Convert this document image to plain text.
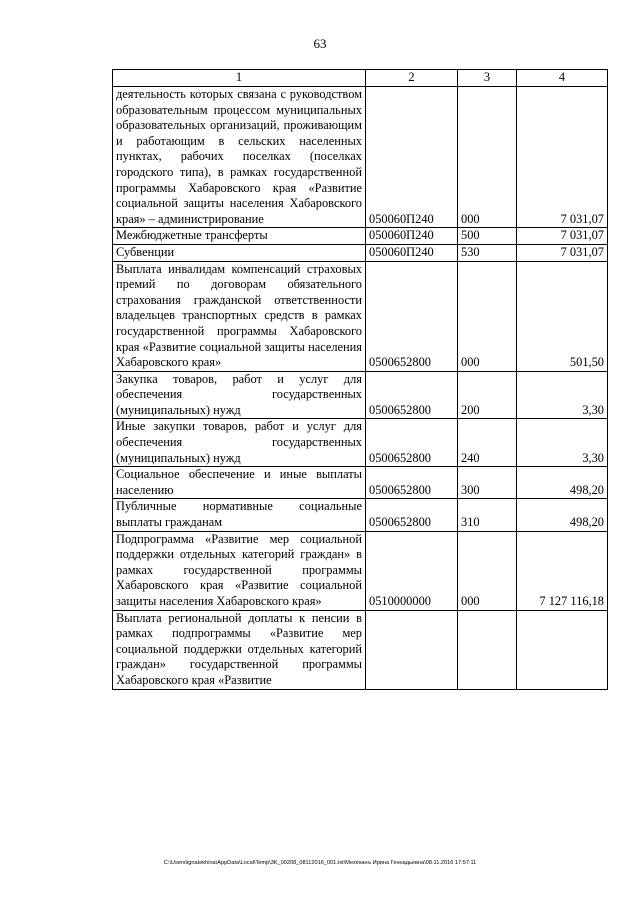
63
1	2	3	4
деятельность которых связана с руководством образовательным процессом муниципальных образовательных организаций, проживающим и работающим в сельских населенных пунктах, рабочих поселках (поселках городского типа), в рамках государственной программы Хабаровского края «Развитие социальной защиты населения Хабаровского края» – администрирование	050060П240	000	7 031,07
Межбюджетные трансферты	050060П240	500	7 031,07
Субвенции	050060П240	530	7 031,07
Выплата инвалидам компенсаций страховых премий по договорам обязательного страхования гражданской ответственности владельцев транспортных средств в рамках государственной программы Хабаровского края «Развитие социальной защиты населения Хабаровского края»	0500652800	000	501,50
Закупка товаров, работ и услуг для обеспечения государственных (муниципальных) нужд	0500652800	200	3,30
Иные закупки товаров, работ и услуг для обеспечения государственных (муниципальных) нужд	0500652800	240	3,30
Социальное обеспечение и иные выплаты населению	0500652800	300	498,20
Публичные нормативные социальные выплаты гражданам	0500652800	310	498,20
Подпрограмма «Развитие мер социальной поддержки отдельных категорий граждан» в рамках государственной программы Хабаровского края «Развитие социальной защиты населения Хабаровского края»	0510000000	000	7 127 116,18
Выплата региональной доплаты к пенсии в рамках подпрограммы «Развитие мер социальной поддержки отдельных категорий граждан» государственной программы Хабаровского края «Развитие			
C:\Users\ignatekhina\AppData\Local\Temp\3K_00208_08112016_001.txt\Мехеханъ Ирина Геннадьевна\08.11.2016 17:57:11
